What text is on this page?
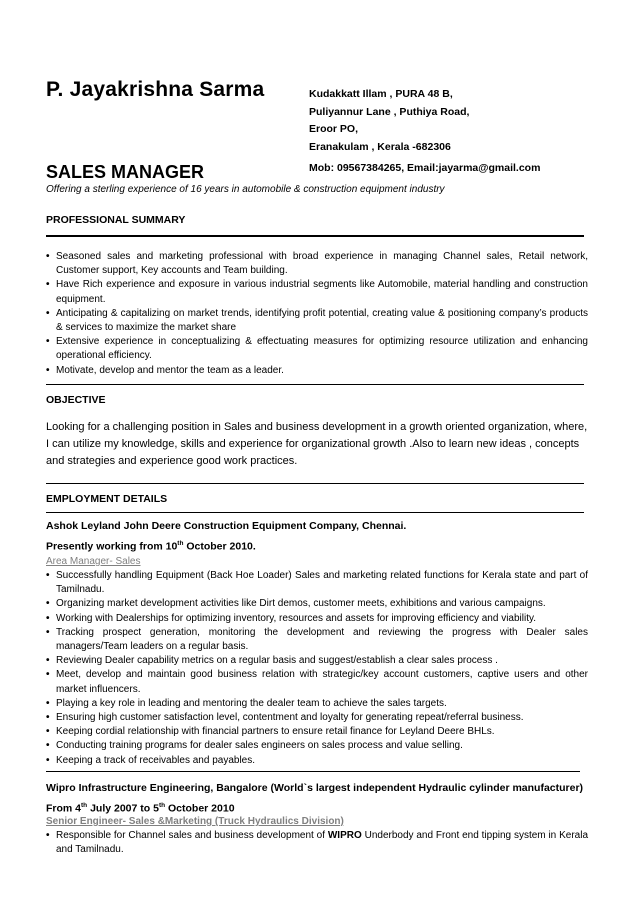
P. Jayakrishna Sarma	Kudakkatt Illam , PURA 48 B,
Puliyannur Lane , Puthiya Road,
Eroor PO,
Eranakulam , Kerala -682306
Mob: 09567384265, Email:jayarma@gmail.com
SALES MANAGER
Offering a sterling experience of 16 years in automobile & construction equipment industry
PROFESSIONAL SUMMARY
• Seasoned sales and marketing professional with broad experience in managing Channel sales, Retail network, Customer support, Key accounts and Team building.
• Have Rich experience and exposure in various industrial segments like Automobile, material handling and construction equipment.
• Anticipating & capitalizing on market trends, identifying profit potential, creating value & positioning company’s products & services to maximize the market share
• Extensive experience in conceptualizing & effectuating measures for optimizing resource utilization and enhancing operational efficiency.
• Motivate, develop and mentor the team as a leader.
OBJECTIVE
Looking for a challenging position in Sales and business development in a growth oriented organization, where, I can utilize my knowledge, skills and experience for organizational growth .Also to learn new ideas , concepts and strategies and experience good work practices.
EMPLOYMENT DETAILS
Ashok Leyland John Deere Construction Equipment Company, Chennai.
Presently working from 10th October 2010.
Area Manager- Sales
• Successfully handling Equipment (Back Hoe Loader) Sales and marketing related functions for Kerala state and part of Tamilnadu.
• Organizing market development activities like Dirt demos, customer meets, exhibitions and various campaigns.
• Working with Dealerships for optimizing inventory, resources and assets for improving efficiency and viability.
• Tracking prospect generation, monitoring the development and reviewing the progress with Dealer sales managers/Team leaders on a regular basis.
• Reviewing Dealer capability metrics on a regular basis and suggest/establish a clear sales process .
• Meet, develop and maintain good business relation with strategic/key account customers, captive users and other market influencers.
• Playing a key role in leading and mentoring the dealer team to achieve the sales targets.
• Ensuring high customer satisfaction level, contentment and loyalty for generating repeat/referral business.
• Keeping cordial relationship with financial partners to ensure retail finance for Leyland Deere BHLs.
• Conducting training programs for dealer sales engineers on sales process and value selling.
• Keeping a track of receivables and payables.
Wipro Infrastructure Engineering, Bangalore (World`s largest independent Hydraulic cylinder manufacturer)
From 4th July 2007 to 5th October 2010
Senior Engineer- Sales &Marketing (Truck Hydraulics Division)
• Responsible for Channel sales and business development of WIPRO Underbody and Front end tipping system in Kerala and Tamilnadu.
